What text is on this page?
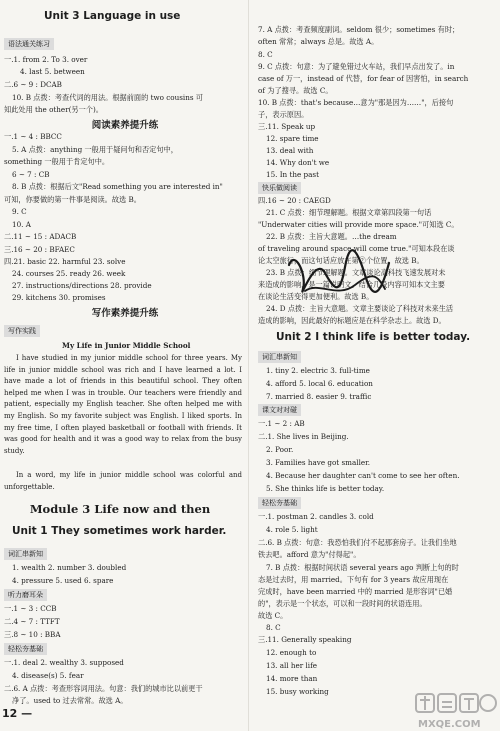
Unit 3 Language in use
语法通关练习
一.1. from 2. To 3. over
4. last 5. between
二.6 ~ 9 : DCAB
10. B 点拨：考查代词的用法。根据前面的 two cousins 可
知此处用 the other(另一个)。
阅读素养提升练
一.1 ~ 4 : BBCC
5. A 点拨：anything 一般用于疑问句和否定句中，
something 一般用于肯定句中。
6 ~ 7 : CB
8. B 点拨：根据后文"Read something you are interested in"
可知，你要做的第一件事是阅读。故选 B。
9. C
10. A
二.11 ~ 15 : ADACB
三.16 ~ 20 : BFAEC
四.21. basic 22. harmful 23. solve
24. courses 25. ready 26. week
27. instructions/directions 28. provide
29. kitchens 30. promises
写作素养提升练
写作实践
My Life in Junior Middle School
I have studied in my junior middle school for three years. My life in junior middle school was rich and I have learned a lot. I have made a lot of friends in this beautiful school. They often helped me when I was in trouble. Our teachers were friendly and patient, especially my English teacher. She often helped me with my English. So my favorite subject was English. I liked sports. In my free time, I often played basketball or football with friends. It was good for health and it was a good way to relax from the busy study.
In a word, my life in junior middle school was colorful and unforgettable.
Module 3 Life now and then
Unit 1 They sometimes work harder.
词汇串新知
1. wealth 2. number 3. doubled
4. pressure 5. used 6. spare
听力磨耳朵
一.1 ~ 3 : CCB
二.4 ~ 7 : TTFT
三.8 ~ 10 : BBA
轻松夯基础
一.1. deal 2. wealthy 3. supposed
4. disease(s) 5. fear
二.6. A 点拨：考查形容词用法。句意：我们的城市比以前更干
净了。used to 过去常常。故选 A。
12 —
7. A 点拨：考查频度副词。seldom 很少；sometimes 有时；
often 常常；always 总是。故选 A。
8. C
9. C 点拨：句意：为了避免错过火车站，我们早点出发了。in
case of 万一，instead of 代替，for fear of 因害怕，in search
of 为了搜寻。故选 C。
10. B 点拨：that's because…意为"那是因为……"，后接句
子，表示原因。
三.11. Speak up
12. spare time
13. deal with
14. Why don't we
15. In the past
快乐做阅读
四.16 ~ 20 : CAEGD
21. C 点拨：细节理解题。根据文章第四段第一句话
"Underwater cities will provide more space."可知选 C。
22. B 点拨：主旨大意题。…the dream
of traveling around space will come true."可知本段在谈
论太空旅行，而这句话应放在第②个位置。故选 B。
23. B 点拨：细节理解题。文章谈论高科技飞速发展对未
来造成的影响，是一篇说明文。结合几段内容可知本文主要
在谈论生活变得更加便利。故选 B。
24. D 点拨：主旨大意题。文章主要谈论了科技对未来生活
造成的影响，因此最好的标题应是在科学杂志上。故选 D。
Unit 2 I think life is better today.
词汇串新知
1. tiny 2. electric 3. full-time
4. afford 5. local 6. education
7. married 8. easier 9. traffic
课文对对碰
一.1 ~ 2 : AB
二.1. She lives in Beijing.
2. Poor.
3. Families have got smaller.
4. Because her daughter can't come to see her often.
5. She thinks life is better today.
轻松夯基础
一.1. postman 2. candles 3. cold
4. role 5. light
二.6. B 点拨：句意：我恐怕我们付不起那套房子。让我们坐地
铁去吧。afford 意为"付得起"。
7. B 点拨：根据时间状语 several years ago 判断上句的时
态是过去时，用 married。下句有 for 3 years 故应用现在
完成时，have been married 中的 married 是形容词"已婚
的"，表示是一个状态，可以和一段时间的状语连用。
故选 C。
8. C
三.11. Generally speaking
12. enough to
13. all her life
14. more than
15. busy working
MXQE.COM
